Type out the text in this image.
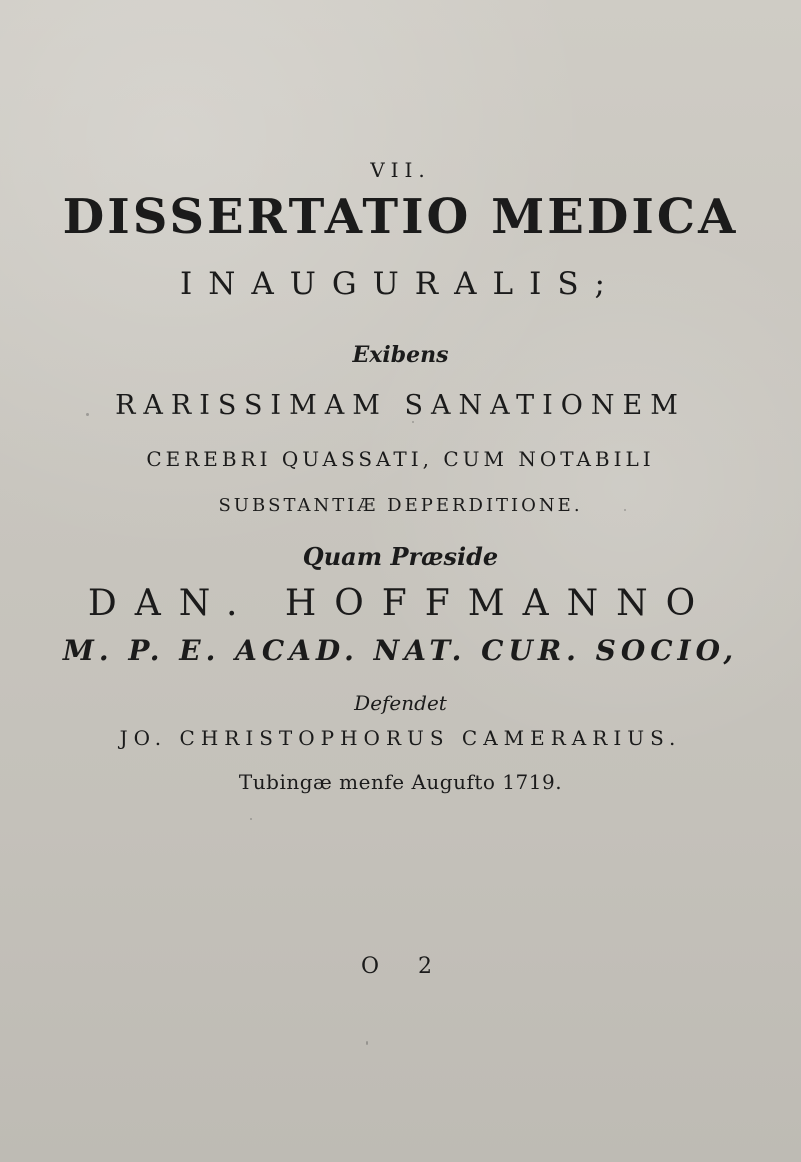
VII.
DISSERTATIO MEDICA
INAUGURALIS;
Exibens
RARISSIMAM SANATIONEM
CEREBRI QUASSATI, CUM NOTABILI
SUBSTANTIÆ DEPERDITIONE.
Quam Præside
DAN. HOFFMANNO
M. P. E. ACAD. NAT. CUR. SOCIO,
Defendet
JO. CHRISTOPHORUS CAMERARIUS.
Tubingæ menfe Augufto 1719.
O 2
